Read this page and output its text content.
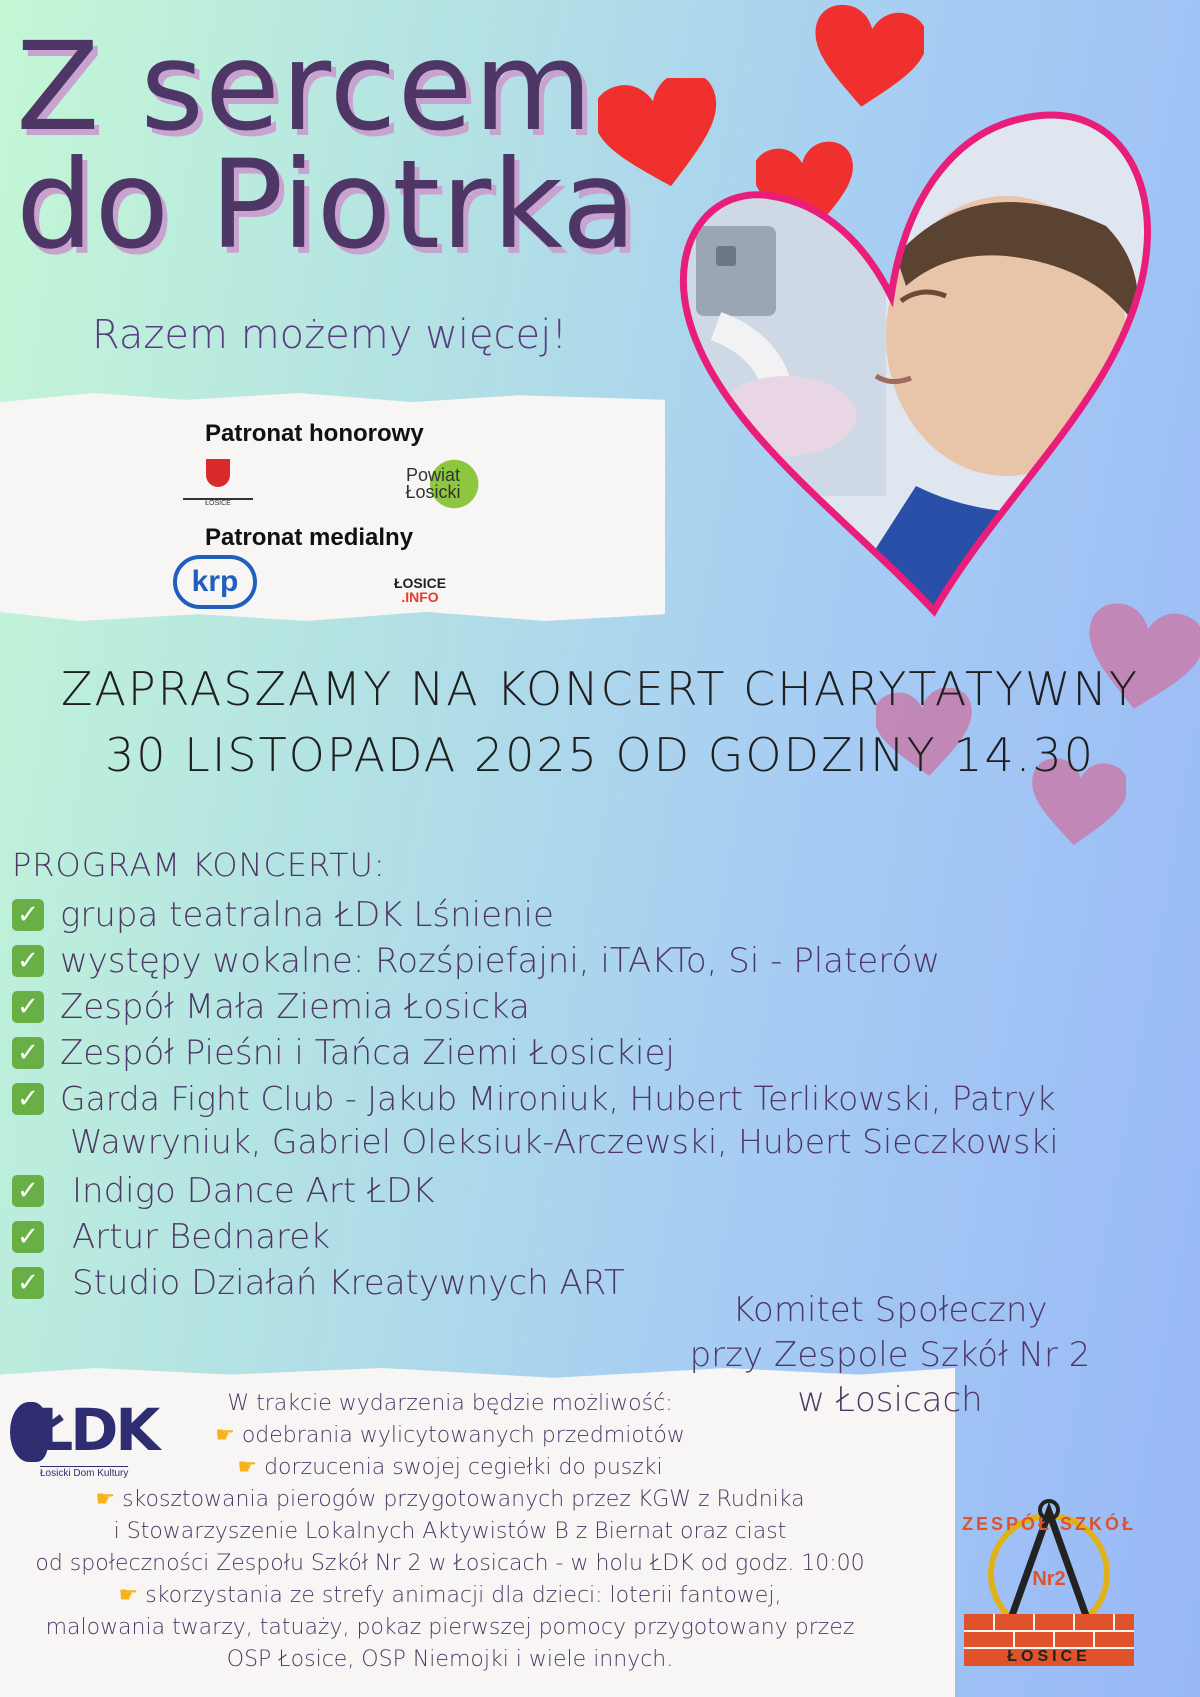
Z sercem
do Piotrka
Razem możemy więcej!
Patronat honorowy
Patronat medialny
ŁOSICE
Powiat
Łosicki
krp	ŁOSICE
.INFO
ZAPRASZAMY NA KONCERT CHARYTATYWNY
30 LISTOPADA 2025 OD GODZINY 14.30
PROGRAM KONCERTU:
✓ grupa teatralna ŁDK Lśnienie
✓ występy wokalne: Rozśpiefajni, iTAKTo, Si - Platerów
✓ Zespół Mała Ziemia Łosicka
✓ Zespół Pieśni i Tańca Ziemi Łosickiej
✓ Garda Fight Club - Jakub Mironiuk, Hubert Terlikowski, Patryk
Wawryniuk, Gabriel Oleksiuk-Arczewski, Hubert Sieczkowski
✓ Indigo Dance Art ŁDK
✓ Artur Bednarek
✓ Studio Działań Kreatywnych ART
Komitet Społeczny
przy Zespole Szkół Nr 2
w Łosicach
ŁDK
Łosicki Dom Kultury
W trakcie wydarzenia będzie możliwość:
☛ odebrania wylicytowanych przedmiotów
☛ dorzucenia swojej cegiełki do puszki
☛ skosztowania pierogów przygotowanych przez KGW z Rudnika
i Stowarzyszenie Lokalnych Aktywistów B z Biernat oraz ciast
od społeczności Zespołu Szkół Nr 2 w Łosicach - w holu ŁDK od godz. 10:00
☛ skorzystania ze strefy animacji dla dzieci: loterii fantowej,
malowania twarzy, tatuaży, pokaz pierwszej pomocy przygotowany przez
OSP Łosice, OSP Niemojki i wiele innych.
ZESPÓŁ SZKÓŁ
Nr2
ŁOSICE
